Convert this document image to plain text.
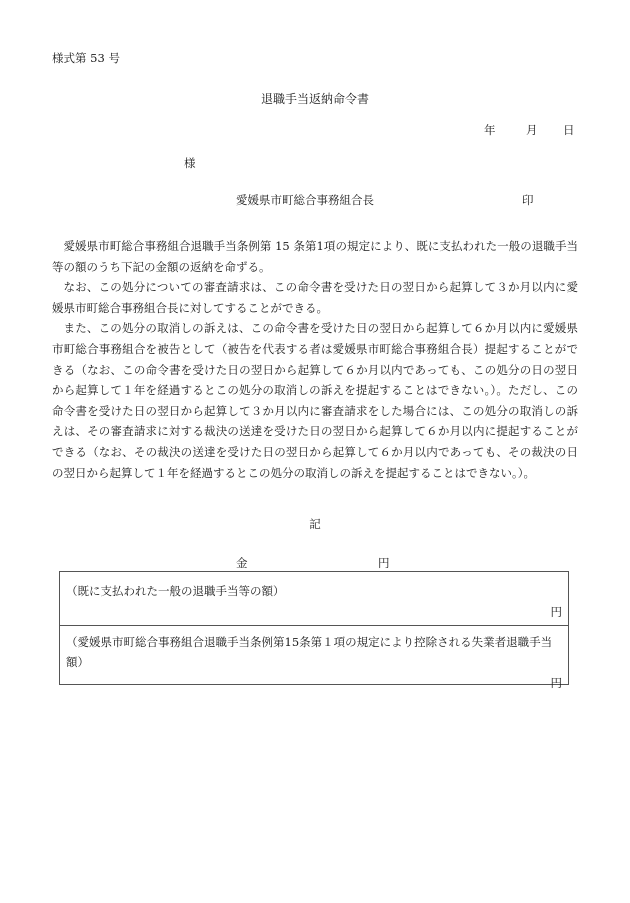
様式第 53 号
退職手当返納命令書
年	月 日
様
愛媛県市町総合事務組合長	印

愛媛県市町総合事務組合退職手当条例第 15 条第1項の規定により、既に支払われた一般の退職手当等の額のうち下記の金額の返納を命ずる。

なお、この処分についての審査請求は、この命令書を受けた日の翌日から起算して３か月以内に愛媛県市町総合事務組合長に対してすることができる。

また、この処分の取消しの訴えは、この命令書を受けた日の翌日から起算して６か月以内に愛媛県市町総合事務組合を被告として（被告を代表する者は愛媛県市町総合事務組合長）提起することができる（なお、この命令書を受けた日の翌日から起算して６か月以内であっても、この処分の日の翌日から起算して１年を経過するとこの処分の取消しの訴えを提起することはできない。）。ただし、この命令書を受けた日の翌日から起算して３か月以内に審査請求をした場合には、この処分の取消しの訴えは、その審査請求に対する裁決の送達を受けた日の翌日から起算して６か月以内に提起することができる（なお、その裁決の送達を受けた日の翌日から起算して６か月以内であっても、その裁決の日の翌日から起算して１年を経過するとこの処分の取消しの訴えを提起することはできない。）。

記
金	円
（既に支払われた一般の退職手当等の額）
円
（愛媛県市町総合事務組合退職手当条例第15条第１項の規定により控除される失業者退職手当額）
円
